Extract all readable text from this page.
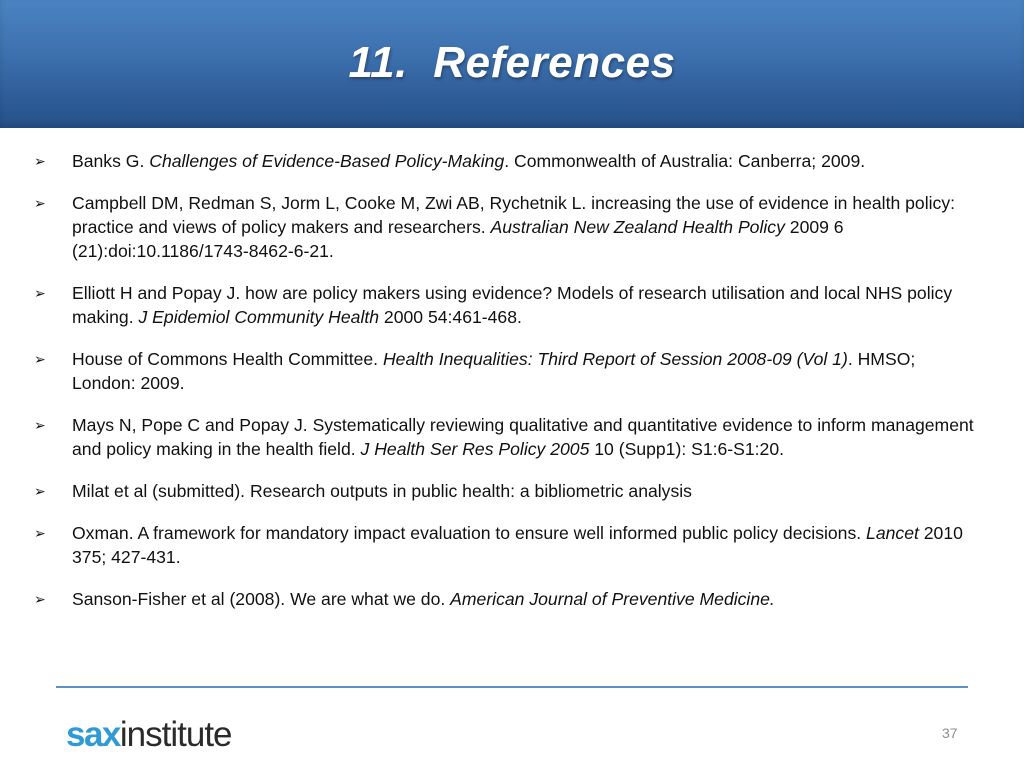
11.  References
➢	Banks G. Challenges of Evidence-Based Policy-Making. Commonwealth of Australia: Canberra; 2009.
➢	Campbell DM, Redman S, Jorm L, Cooke M, Zwi AB, Rychetnik L. increasing the use of evidence in health policy: practice and views of policy makers and researchers. Australian New Zealand Health Policy 2009 6 (21):doi:10.1186/1743-8462-6-21.
➢	Elliott H and Popay J. how are policy makers using evidence? Models of research utilisation and local NHS policy making. J Epidemiol Community Health 2000 54:461-468.
➢	House of Commons Health Committee. Health Inequalities: Third Report of Session 2008-09 (Vol 1). HMSO; London: 2009.
➢	Mays N, Pope C and Popay J. Systematically reviewing qualitative and quantitative evidence to inform management and policy making in the health field. J Health Ser Res Policy 2005 10 (Supp1): S1:6-S1:20.
➢	Milat et al (submitted). Research outputs in public health: a bibliometric analysis
➢	Oxman. A framework for mandatory impact evaluation to ensure well informed public policy decisions. Lancet 2010 375; 427-431.
➢	Sanson-Fisher et al (2008). We are what we do. American Journal of Preventive Medicine.
saxinstitute	37
